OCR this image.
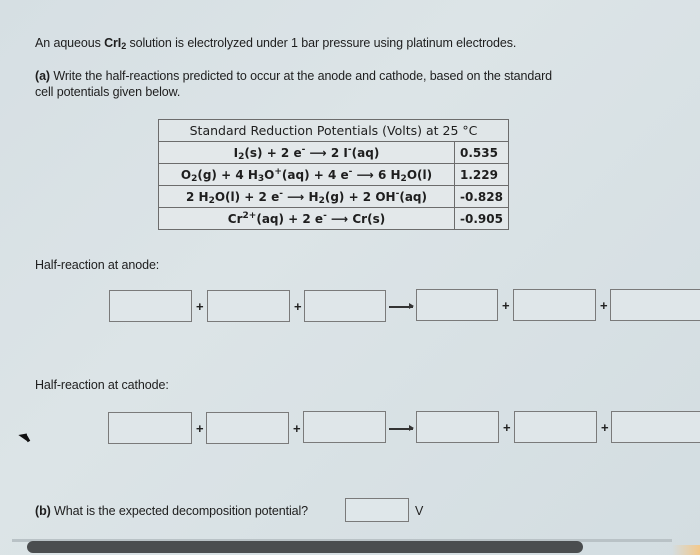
An aqueous CrI$_2$ solution is electrolyzed under 1 bar pressure using platinum electrodes.
(a) Write the half-reactions predicted to occur at the anode and cathode, based on the standard
cell potentials given below.
Standard Reduction Potentials (Volts) at 25 °C	
$I_2(s) + 2$ e- ⟶ 2 I-(aq)	0.535
$O_2(g) + 4$ $H_3O^+(aq) + 4$ e- ⟶ 6 $H_2O(l)$	1.229
2 $H_2O(l) + 2$ e- ⟶ $H_2(g) + 2$ OH-(aq)	-0.828
$Cr^{2+}(aq) + 2$ e- ⟶ Cr(s)	-0.905
Half-reaction at anode:
+	+	+	+
Half-reaction at cathode:
+	+	+	+
(b) What is the expected decomposition potential?	V
